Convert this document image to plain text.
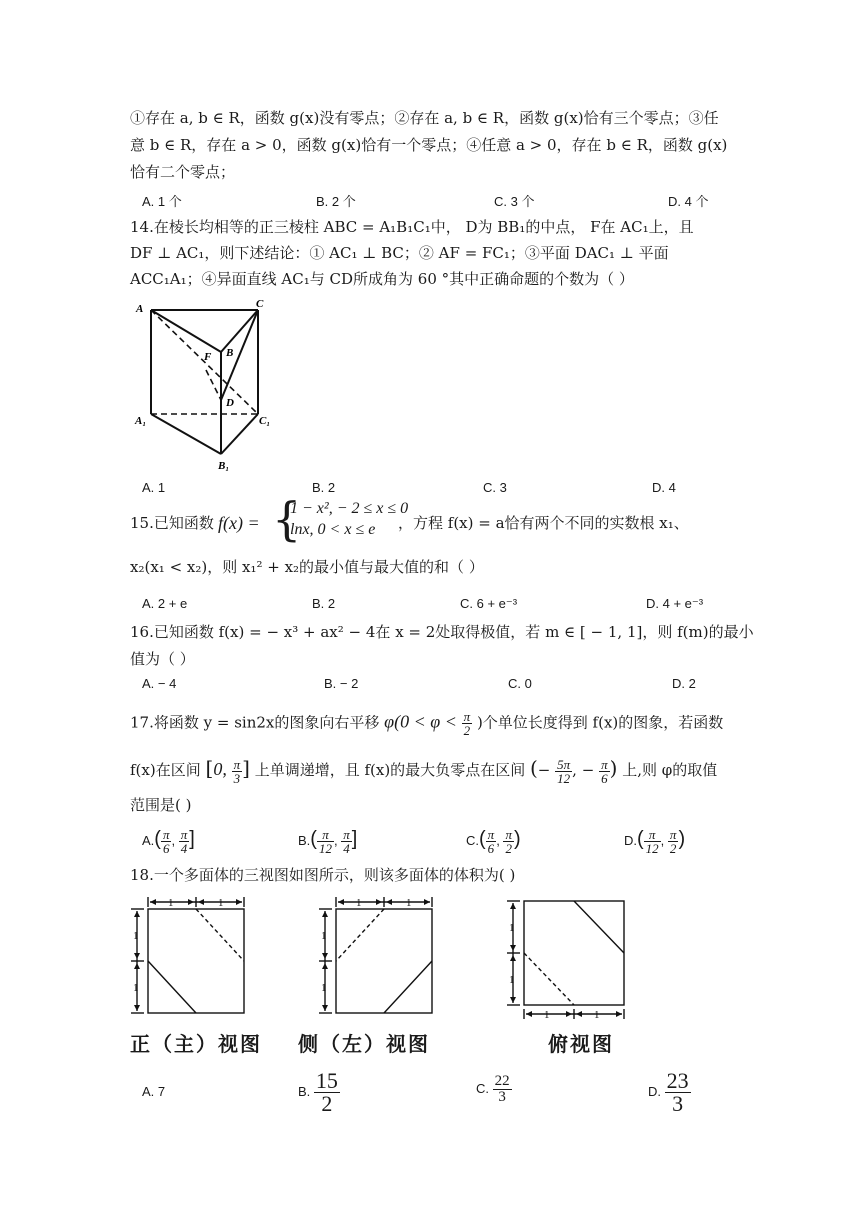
①存在 a, b ∈ R，函数 g(x)没有零点；②存在 a, b ∈ R，函数 g(x)恰有三个零点；③任
意 b ∈ R，存在 a > 0，函数 g(x)恰有一个零点；④任意 a > 0，存在 b ∈ R，函数 g(x)
恰有二个零点；
A. 1 个	B. 2 个	C. 3 个	D. 4 个
14.在棱长均相等的正三棱柱 ABC = A₁B₁C₁中， D为 BB₁的中点， F在 AC₁上，且
DF ⊥ AC₁，则下述结论：① AC₁ ⊥ BC；② AF = FC₁；③平面 DAC₁ ⊥ 平面
ACC₁A₁；④异面直线 AC₁与 CD所成角为 60 °其中正确命题的个数为（ ）
A	C
F B
D
A₁	C₁
B₁
A. 1	B. 2	C. 3	D. 4
15.已知函数 f(x) = {
1 − x², − 2 ≤ x ≤ 0
lnx, 0 < x ≤ e ，方程 f(x) = a恰有两个不同的实数根 x₁、
x₂(x₁ < x₂)，则 x₁² + x₂的最小值与最大值的和（ ）
A. 2 + e	B. 2	C. 6 + e⁻³	D. 4 + e⁻³
16.已知函数 f(x) = − x³ + ax² − 4在 x = 2处取得极值，若 m ∈ [ − 1, 1]，则 f(m)的最小
值为（ ）
A. − 4	B. − 2	C. 0	D. 2
17.将函数 y = sin2x的图象向右平移 $\varphi(0 < \varphi < \frac{\pi}{2}$ )个单位长度得到 f(x)的图象，若函数
f(x)在区间 [0, $\frac{\pi}{3}$ ] 上单调递增，且 f(x)的最大负零点在区间 (− $\frac{5\pi}{12}$ , − $\frac{\pi}{6}$ ) 上,则 φ的取值
范围是( )
$A.( \frac{\pi}{6}$ , $\frac{\pi}{4}$ ]	$B.( \frac{\pi}{12}$ , $\frac{\pi}{4}$ ]	$C.( \frac{\pi}{6}$ , $\frac{\pi}{2}$ )	$D.( \frac{\pi}{12}$ , $\frac{\pi}{2}$ )
18.一个多面体的三视图如图所示，则该多面体的体积为( )
1	1
1
1
正（主）视图
1	1
1
1
侧（左）视图
1
1
1	1
俯视图
A. 7	B. $\frac{15}{2}$	C. $\frac{22}{3}$	D. $\frac{23}{3}$
